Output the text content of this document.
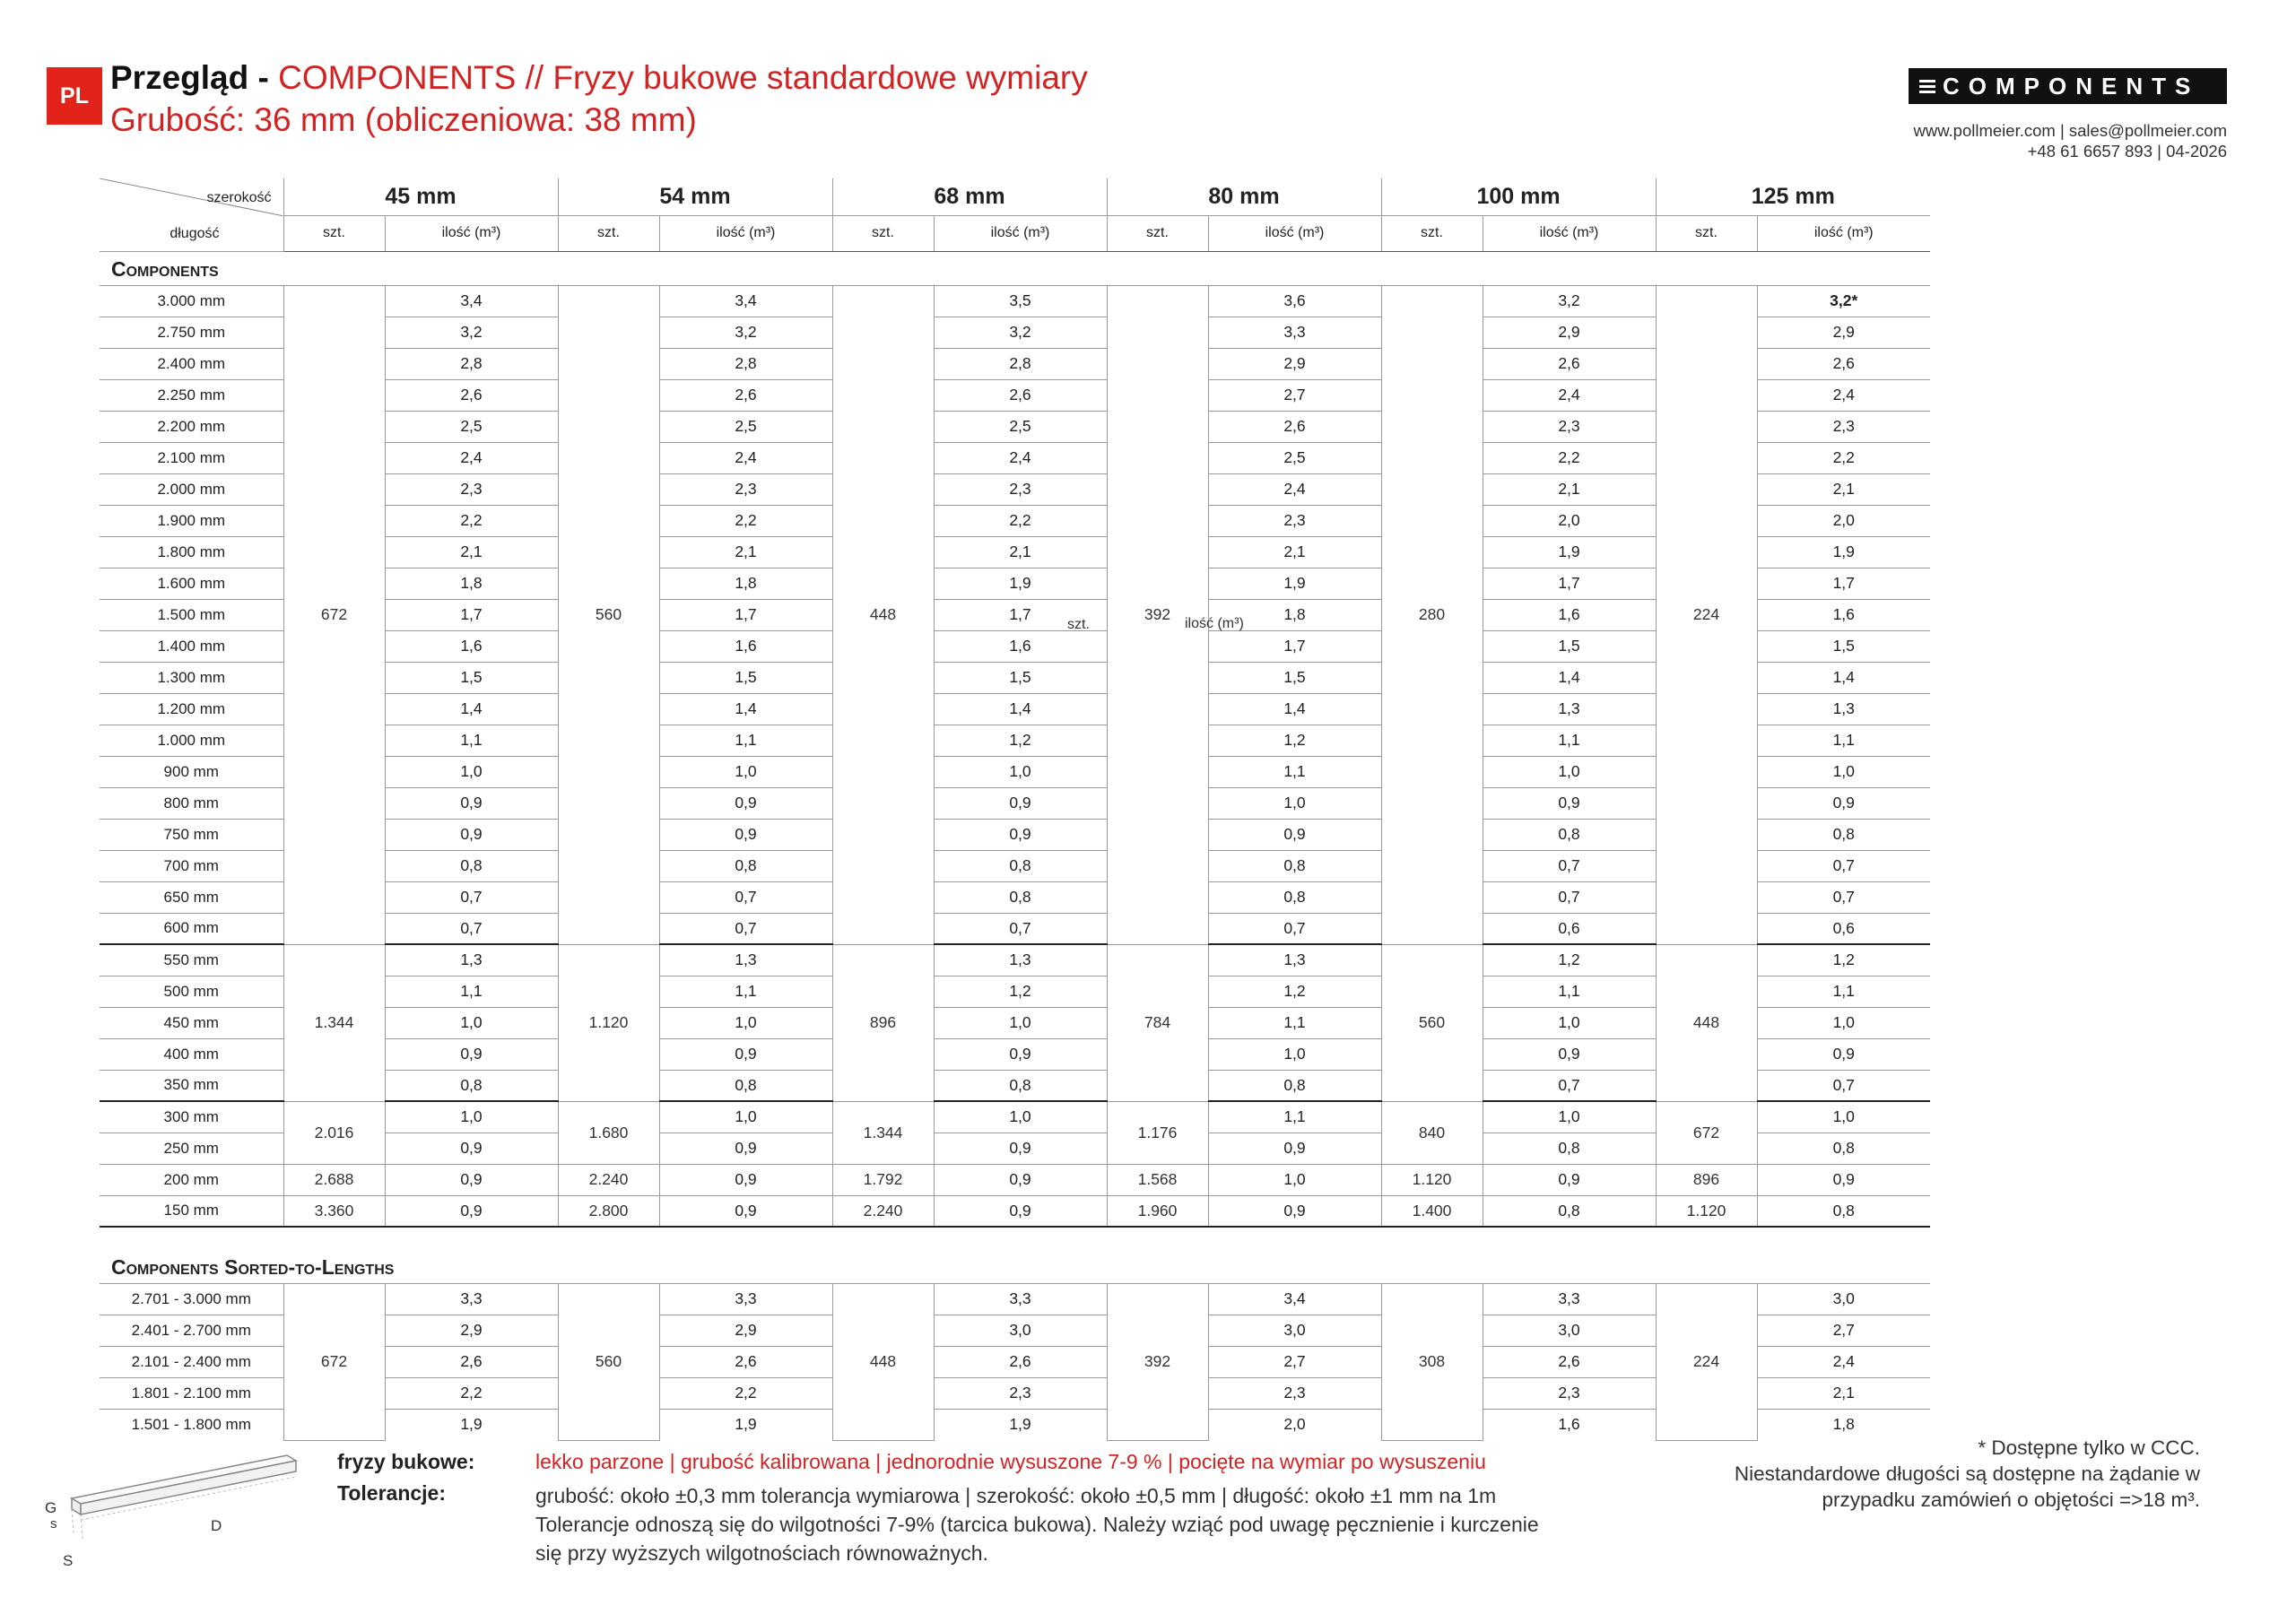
PL Przegląd - COMPONENTS // Fryzy bukowe standardowe wymiary
Grubość: 36 mm (obliczeniowa: 38 mm)
COMPONENTS
www.pollmeier.com | sales@pollmeier.com
+48 61 6657 893 | 04-2026
szerokość
długość	45 mm		54 mm		68 mm		80 mm		100 mm		125 mm	
	szt.	ilość (m³)	szt.	ilość (m³)	szt.	ilość (m³)	szt.	ilość (m³)	szt.	ilość (m³)	szt.	ilość (m³)
Components												
3.000 mm	672	3,4	560	3,4	448	3,5	392	3,6	280	3,2	224	3,2*
2.750 mm		3,2		3,2		3,2		3,3		2,9		2,9
2.400 mm		2,8		2,8		2,8		2,9		2,6		2,6
2.250 mm		2,6		2,6		2,6		2,7		2,4		2,4
2.200 mm		2,5		2,5		2,5		2,6		2,3		2,3
2.100 mm		2,4		2,4		2,4		2,5		2,2		2,2
2.000 mm		2,3		2,3		2,3		2,4		2,1		2,1
1.900 mm		2,2		2,2		2,2		2,3		2,0		2,0
1.800 mm		2,1		2,1		2,1		2,1		1,9		1,9
1.600 mm		1,8		1,8		1,9		1,9		1,7		1,7
1.500 mm		1,7		1,7		1,7		1,8		1,6		1,6
1.400 mm		1,6		1,6		1,6		1,7		1,5		1,5
1.300 mm		1,5		1,5		1,5		1,5		1,4		1,4
1.200 mm		1,4		1,4		1,4		1,4		1,3		1,3
1.000 mm		1,1		1,1		1,2		1,2		1,1		1,1
900 mm		1,0		1,0		1,0		1,1		1,0		1,0
800 mm		0,9		0,9		0,9		1,0		0,9		0,9
750 mm		0,9		0,9		0,9		0,9		0,8		0,8
700 mm		0,8		0,8		0,8		0,8		0,7		0,7
650 mm		0,7		0,7		0,8		0,8		0,7		0,7
600 mm		0,7		0,7		0,7		0,7		0,6		0,6
550 mm	1.344	1,3	1.120	1,3	896	1,3	784	1,3	560	1,2	448	1,2
500 mm		1,1		1,1		1,2		1,2		1,1		1,1
450 mm		1,0		1,0		1,0		1,1		1,0		1,0
400 mm		0,9		0,9		0,9		1,0		0,9		0,9
350 mm		0,8		0,8		0,8		0,8		0,7		0,7
300 mm	2.016	1,0	1.680	1,0	1.344	1,0	1.176	1,1	840	1,0	672	1,0
250 mm		0,9		0,9		0,9		0,9		0,8		0,8
200 mm	2.688	0,9	2.240	0,9	1.792	0,9	1.568	1,0	1.120	0,9	896	0,9
150 mm	3.360	0,9	2.800	0,9	2.240	0,9	1.960	0,9	1.400	0,8	1.120	0,8

Components Sorted-to-Lengths												
2.701 - 3.000 mm	672	3,3	560	3,3	448	3,3	392	3,4	308	3,3	224	3,0
2.401 - 2.700 mm		2,9		2,9		3,0		3,0		3,0		2,7
2.101 - 2.400 mm		2,6		2,6		2,6		2,7		2,6		2,4
1.801 - 2.100 mm		2,2		2,2		2,3		2,3		2,3		2,1
1.501 - 1.800 mm		1,9		1,9		1,9		2,0		1,6		1,8
szt.	ilość (m³)
G
s	D
S
fryzy bukowe:	lekko parzone | grubość kalibrowana | jednorodnie wysuszone 7-9 % | pocięte na wymiar po wysuszeniu
Tolerancje:	grubość: około ±0,3 mm tolerancja wymiarowa | szerokość: około ±0,5 mm | długość: około ±1 mm na 1m
Tolerancje odnoszą się do wilgotności 7-9% (tarcica bukowa). Należy wziąć pod uwagę pęcznienie i kurczenie
się przy wyższych wilgotnościach równoważnych.
* Dostępne tylko w CCC.
Niestandardowe długości są dostępne na żądanie w
przypadku zamówień o objętości =>18 m³.
